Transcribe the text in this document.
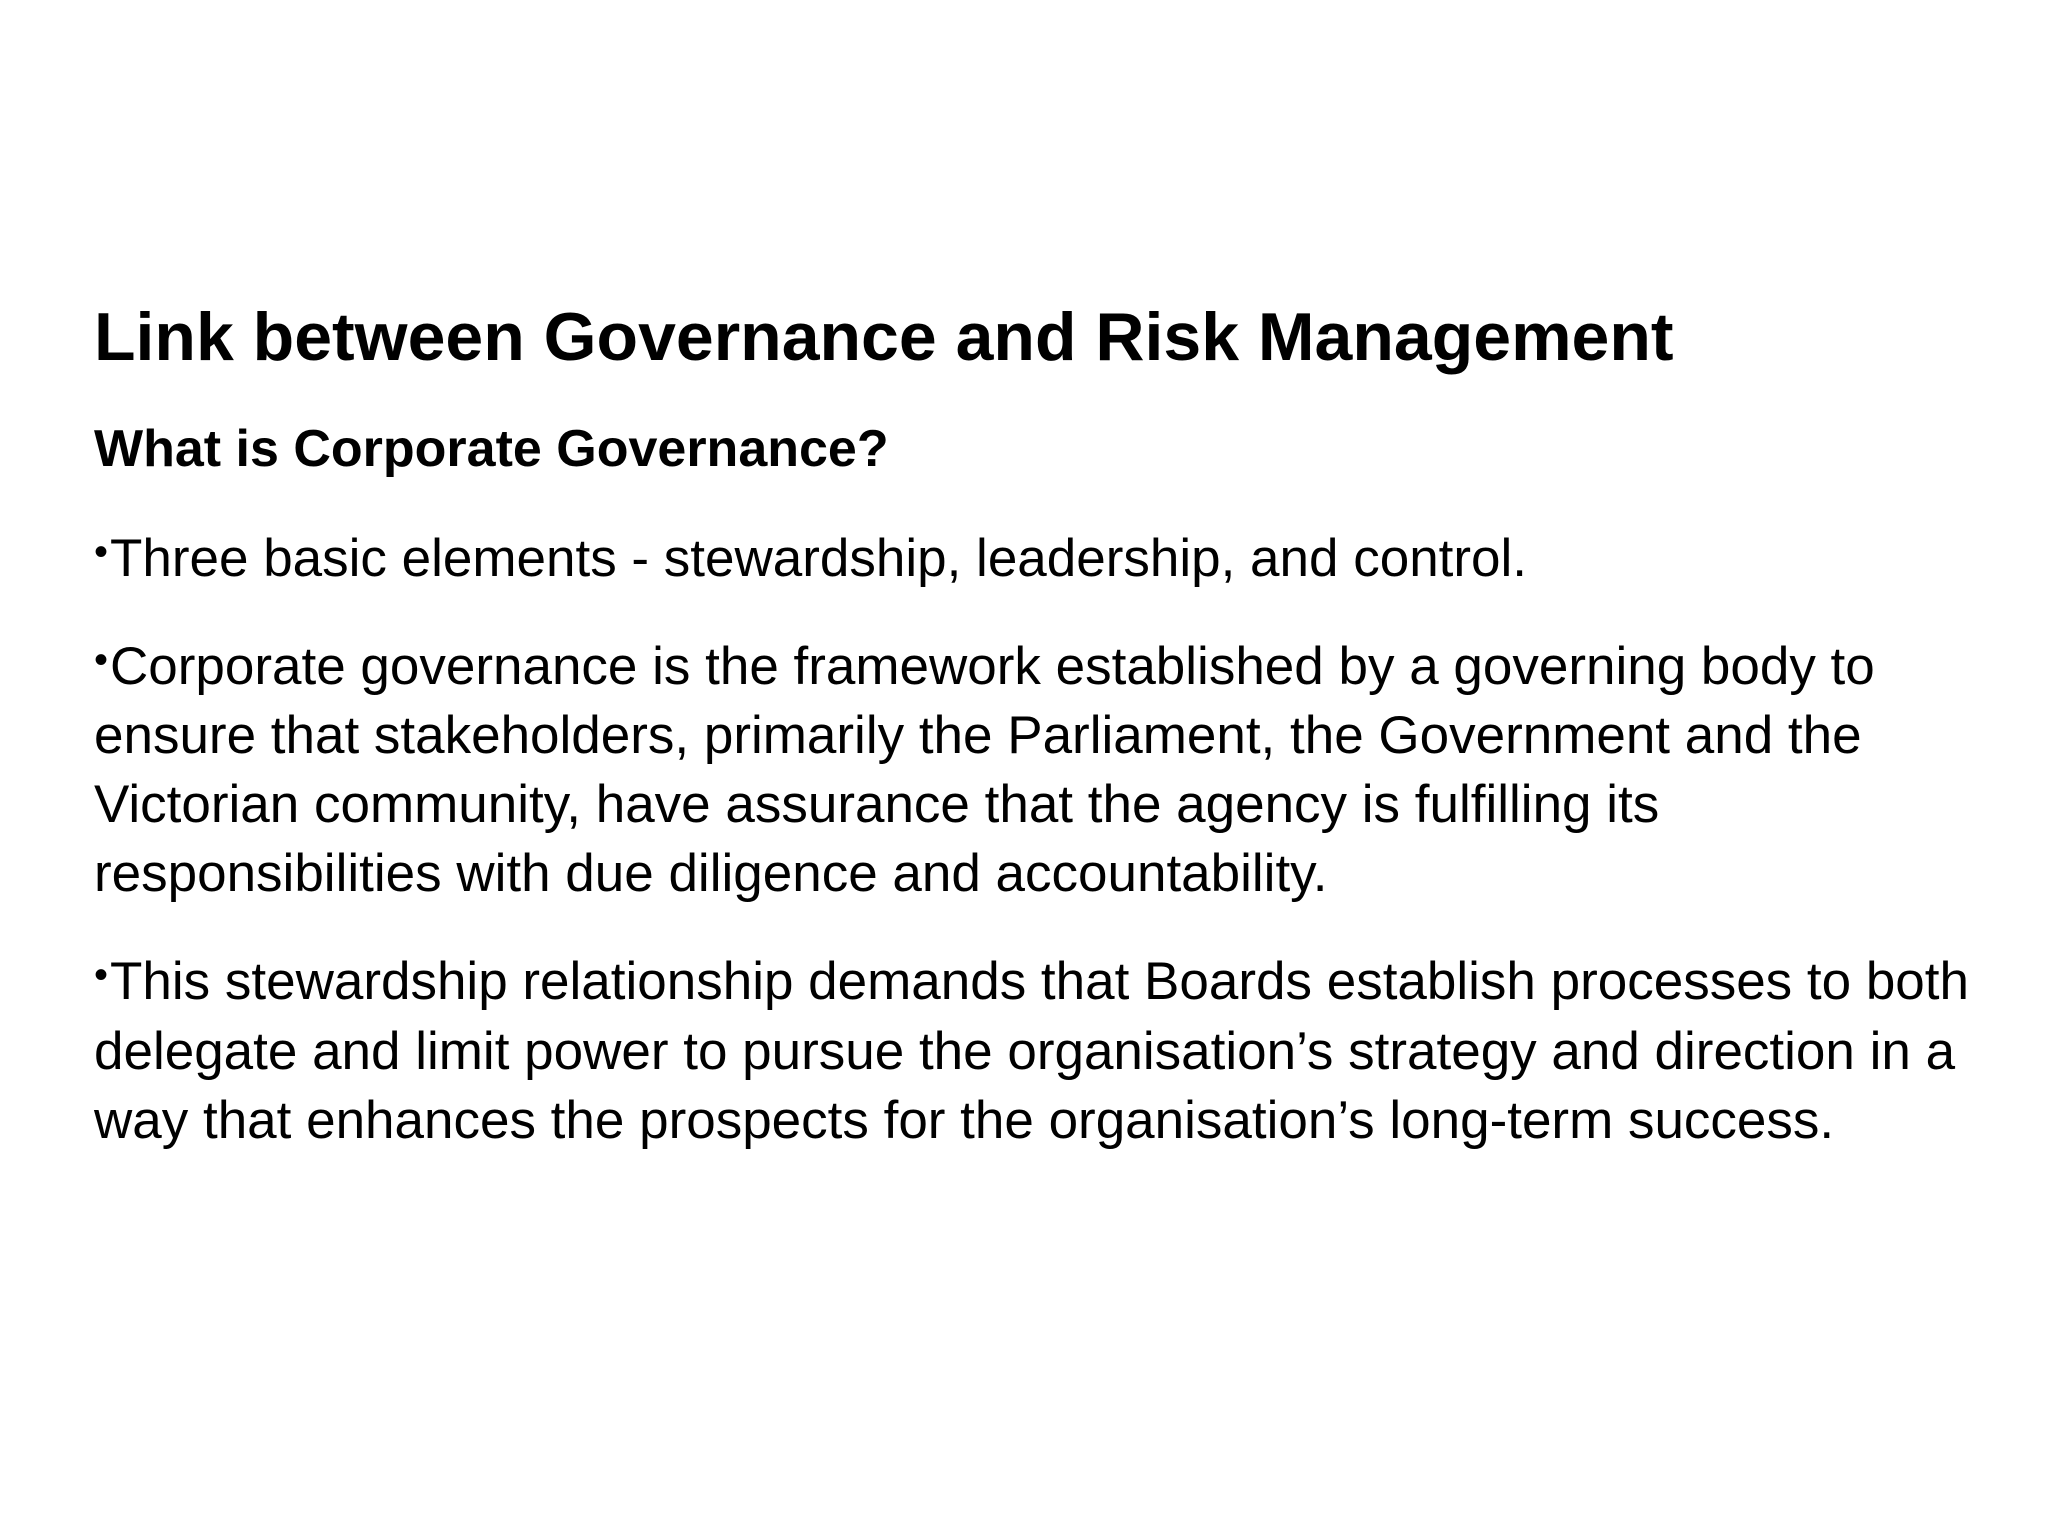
Link between Governance and Risk Management
What is Corporate Governance?
•Three basic elements - stewardship, leadership, and control.
•Corporate governance is the framework established by a governing body to ensure that stakeholders, primarily the Parliament, the Government and the Victorian community, have assurance that the agency is fulfilling its responsibilities with due diligence and accountability.
•This stewardship relationship demands that Boards establish processes to both delegate and limit power to pursue the organisation’s strategy and direction in a way that enhances the prospects for the organisation’s long-term success.
